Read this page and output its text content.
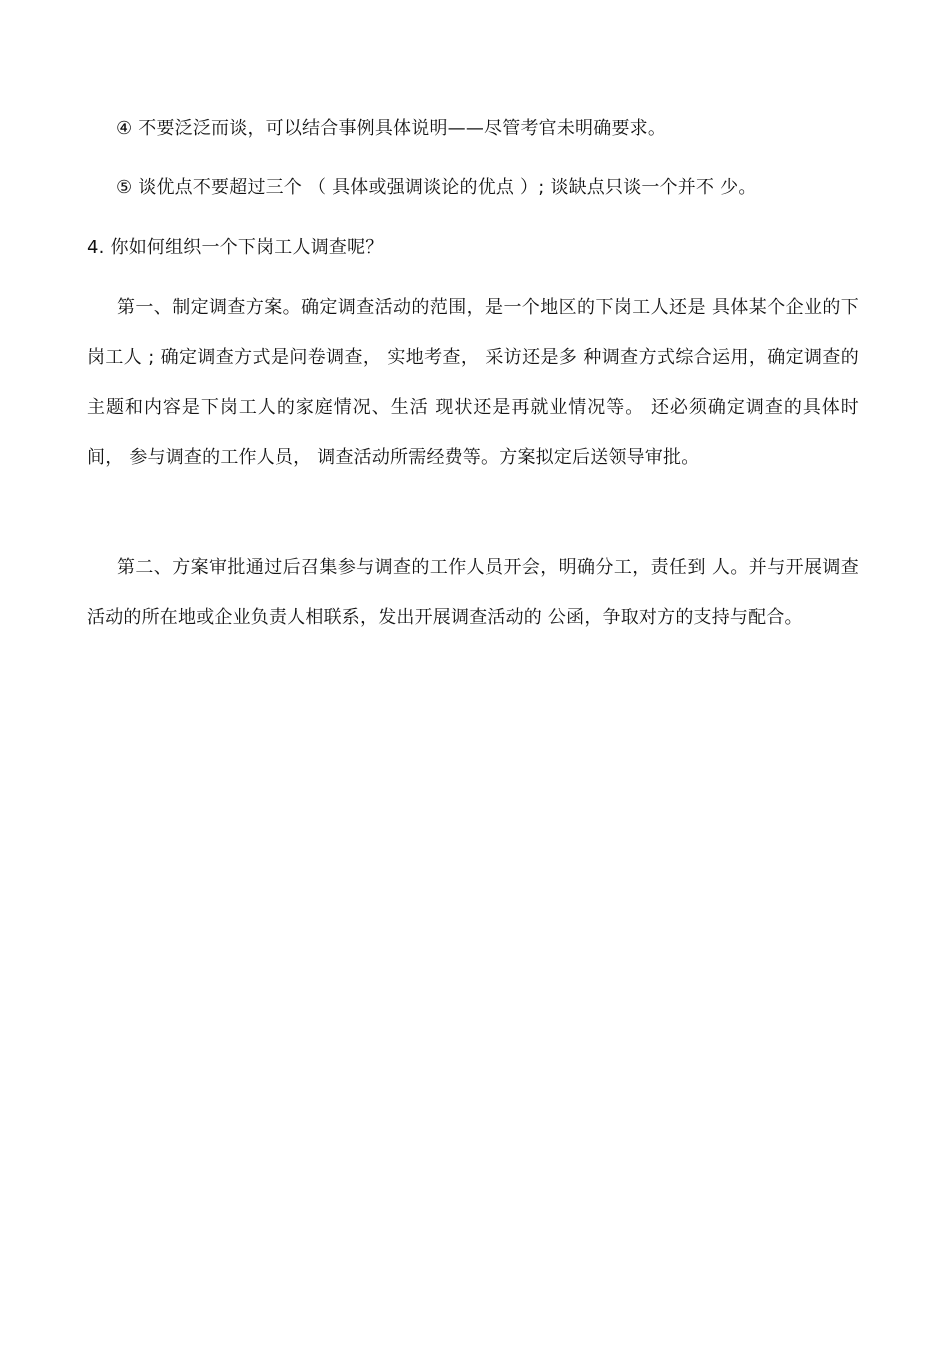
④ 不要泛泛而谈，可以结合事例具体说明——尽管考官未明确要求。
⑤ 谈优点不要超过三个 （ 具体或强调谈论的优点 ）; 谈缺点只谈一个并不 少。
4. 你如何组织一个下岗工人调查呢？
第一、制定调查方案。确定调查活动的范围，是一个地区的下岗工人还是 具体某个企业的下岗工人 ; 确定调查方式是问卷调查， 实地考查， 采访还是多 种调查方式综合运用，确定调查的主题和内容是下岗工人的家庭情况、生活 现状还是再就业情况等。 还必须确定调查的具体时间， 参与调查的工作人员， 调查活动所需经费等。方案拟定后送领导审批。
第二、方案审批通过后召集参与调查的工作人员开会，明确分工，责任到 人。并与开展调查活动的所在地或企业负责人相联系，发出开展调查活动的 公函，争取对方的支持与配合。
